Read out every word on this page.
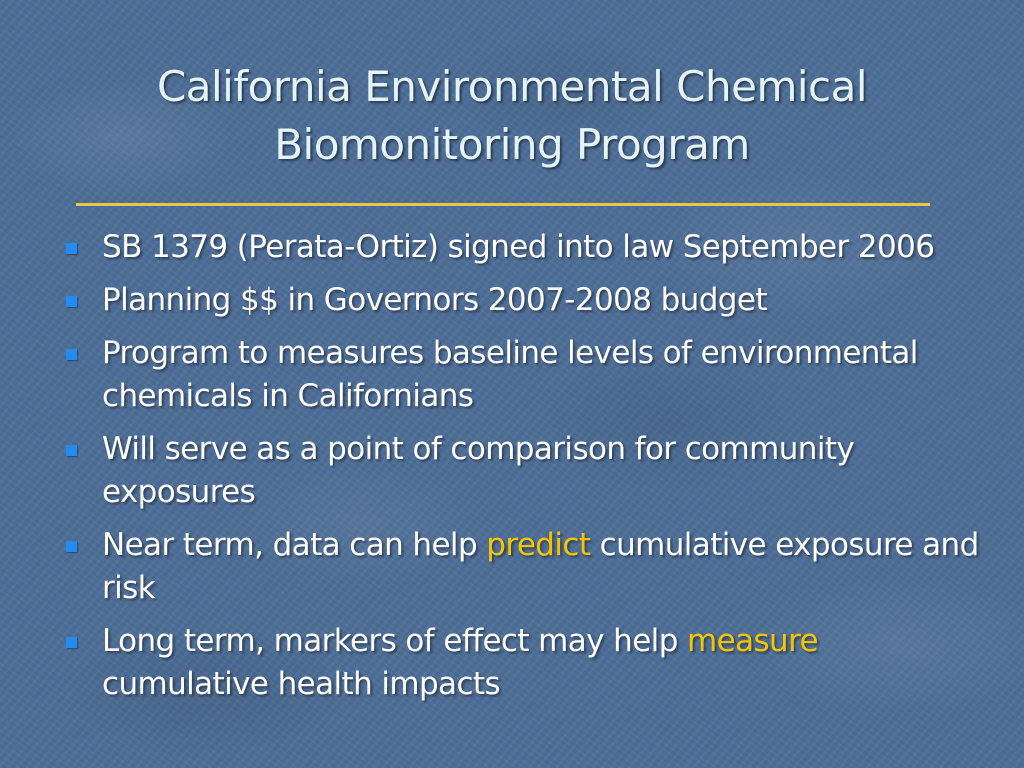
California Environmental Chemical
Biomonitoring Program
SB 1379 (Perata-Ortiz) signed into law September 2006
Planning $$ in Governors 2007-2008 budget
Program to measures baseline levels of environmental chemicals in Californians
Will serve as a point of comparison for community exposures
Near term, data can help predict cumulative exposure and risk
Long term, markers of effect may help measure cumulative health impacts
